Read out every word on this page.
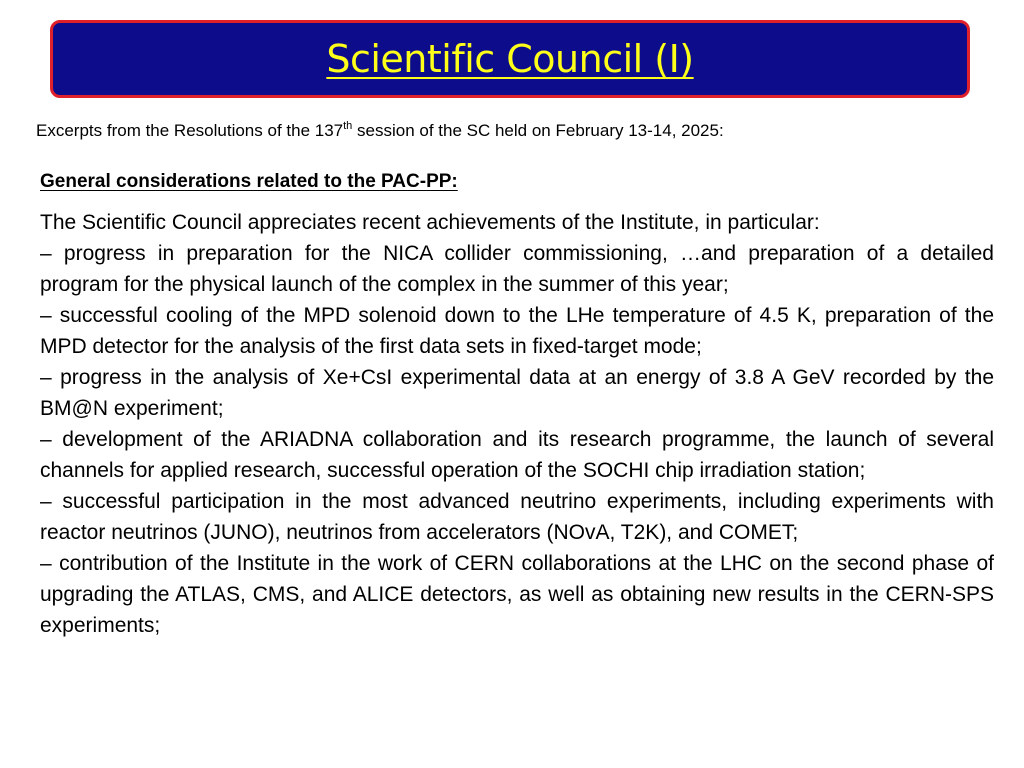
Scientific Council (I)
Excerpts from the Resolutions of the 137th session of the SC held on February 13-14, 2025:
General considerations related to the PAC-PP:

The Scientific Council appreciates recent achievements of the Institute, in particular:

– progress in preparation for the NICA collider commissioning, …and preparation of a detailed program for the physical launch of the complex in the summer of this year;

– successful cooling of the MPD solenoid down to the LHe temperature of 4.5 K, preparation of the MPD detector for the analysis of the first data sets in fixed-target mode;

– progress in the analysis of Xe+CsI experimental data at an energy of 3.8 A GeV recorded by the BM@N experiment;

– development of the ARIADNA collaboration and its research programme, the launch of several channels for applied research, successful operation of the SOCHI chip irradiation station;

– successful participation in the most advanced neutrino experiments, including experiments with reactor neutrinos (JUNO), neutrinos from accelerators (NOvA, T2K), and COMET;

– contribution of the Institute in the work of CERN collaborations at the LHC on the second phase of upgrading the ATLAS, CMS, and ALICE detectors, as well as obtaining new results in the CERN-SPS experiments;
